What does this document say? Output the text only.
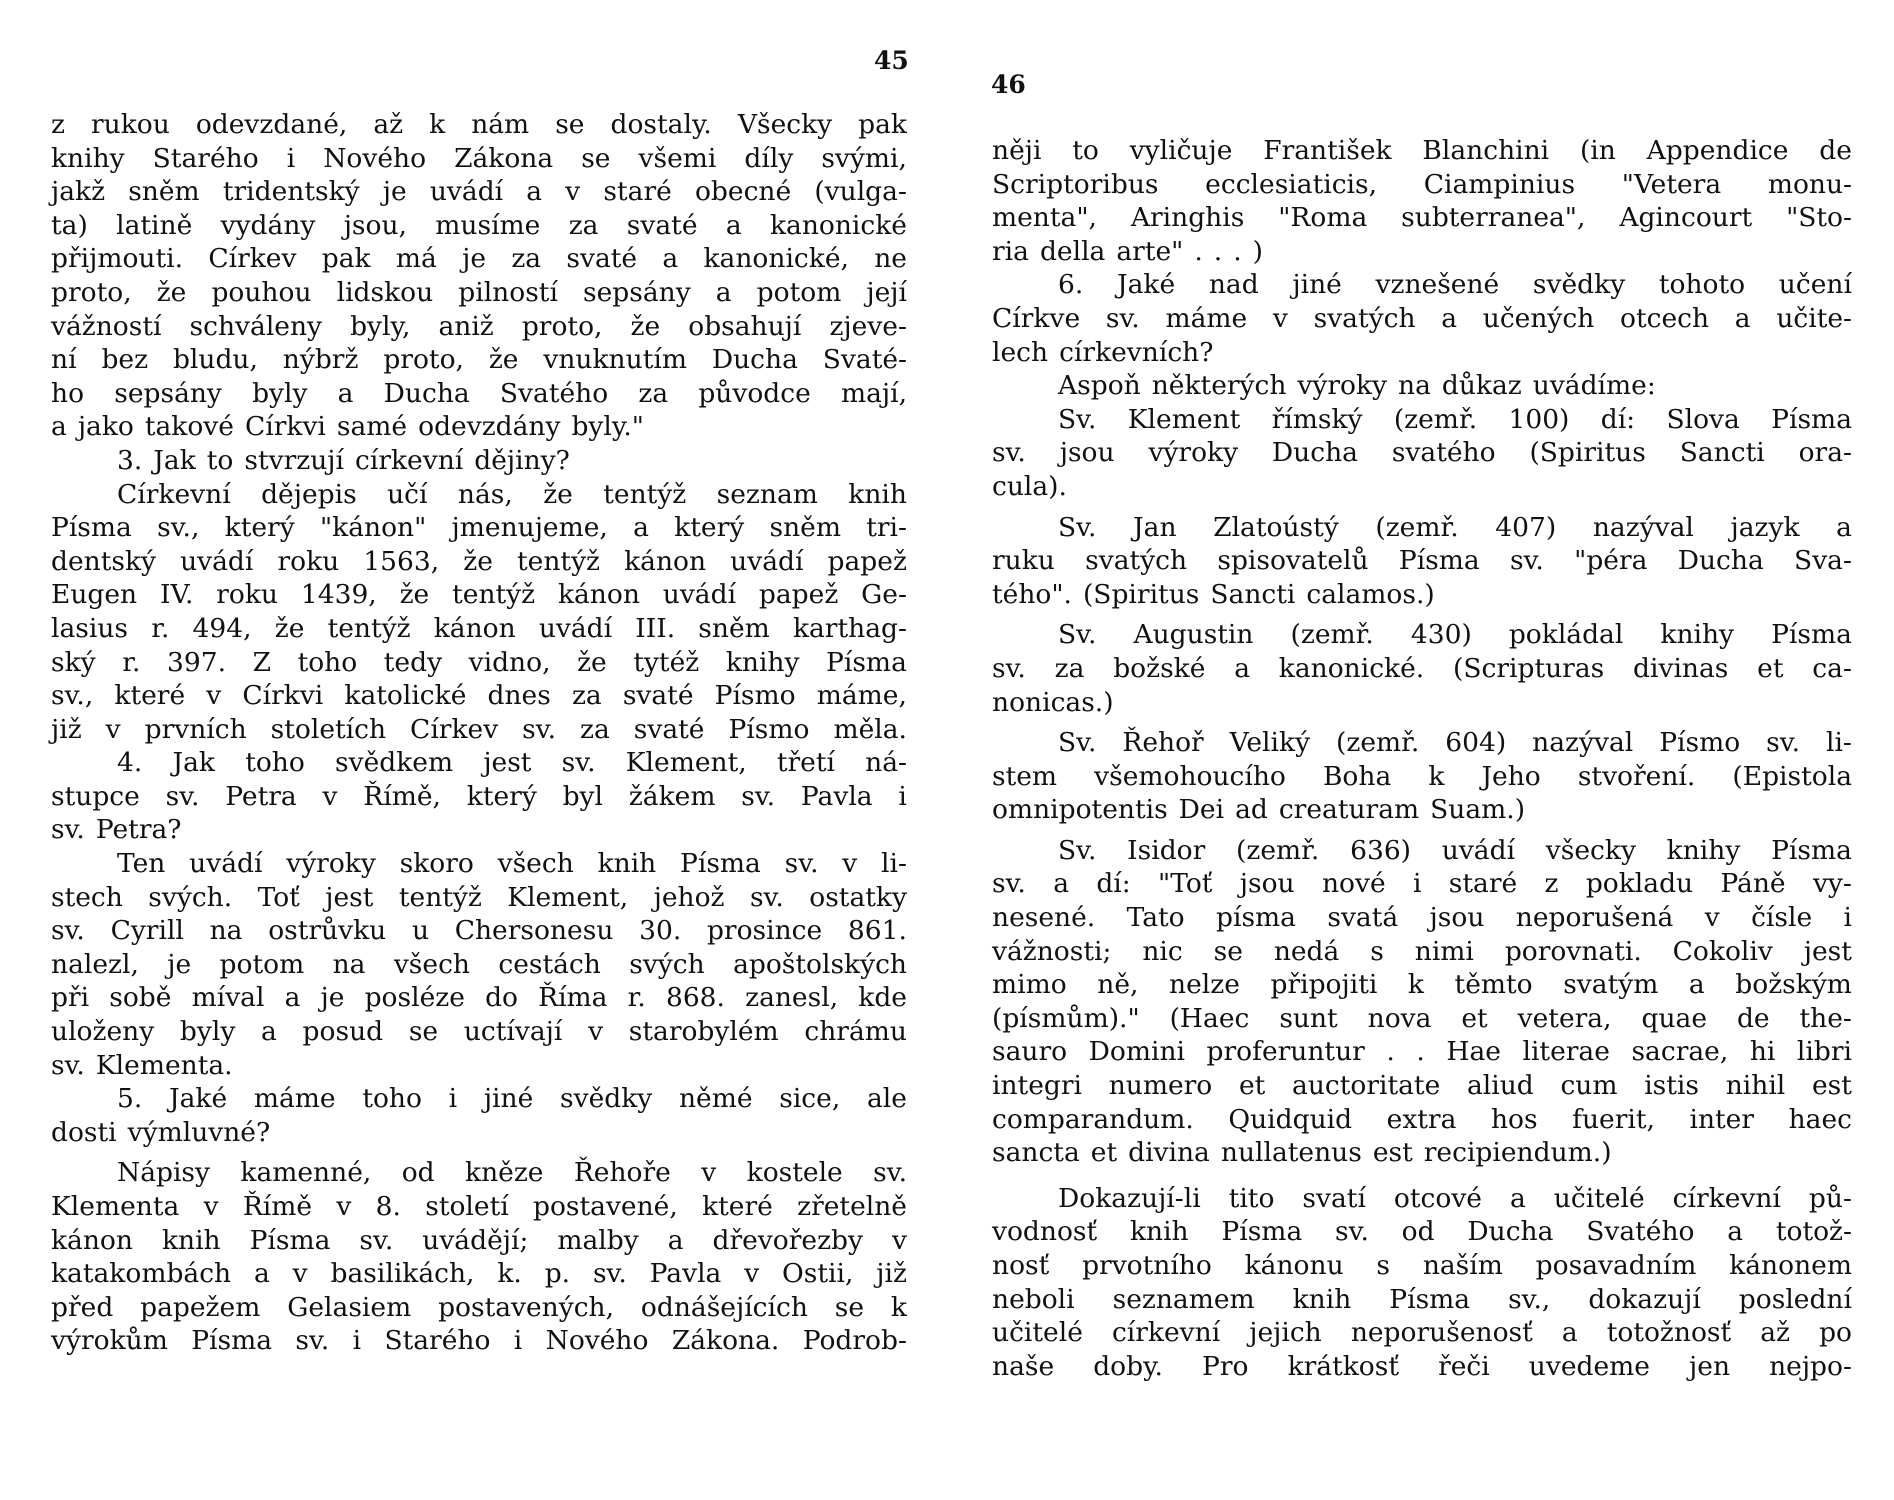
45
z rukou odevzdané, až k nám se dostaly. Všecky pak
knihy Starého i Nového Zákona se všemi díly svými,
jakž sněm tridentský je uvádí a v staré obecné (vulga-
ta) latině vydány jsou, musíme za svaté a kanonické
přijmouti. Církev pak má je za svaté a kanonické, ne
proto, že pouhou lidskou pilností sepsány a potom její
vážností schváleny byly, aniž proto, že obsahují zjeve-
ní bez bludu, nýbrž proto, že vnuknutím Ducha Svaté-
ho sepsány byly a Ducha Svatého za původce mají,
a jako takové Církvi samé odevzdány byly."
3. Jak to stvrzují církevní dějiny?
Církevní dějepis učí nás, že tentýž seznam knih
Písma sv., který "kánon" jmenujeme, a který sněm tri-
dentský uvádí roku 1563, že tentýž kánon uvádí papež
Eugen IV. roku 1439, že tentýž kánon uvádí papež Ge-
lasius r. 494, že tentýž kánon uvádí III. sněm karthag-
ský r. 397. Z toho tedy vidno, že tytéž knihy Písma
sv., které v Církvi katolické dnes za svaté Písmo máme,
již v prvních stoletích Církev sv. za svaté Písmo měla.
4. Jak toho svědkem jest sv. Klement, třetí ná-
stupce sv. Petra v Římě, který byl žákem sv. Pavla i
sv. Petra?
Ten uvádí výroky skoro všech knih Písma sv. v li-
stech svých. Toť jest tentýž Klement, jehož sv. ostatky
sv. Cyrill na ostrůvku u Chersonesu 30. prosince 861.
nalezl, je potom na všech cestách svých apoštolských
při sobě míval a je posléze do Říma r. 868. zanesl, kde
uloženy byly a posud se uctívají v starobylém chrámu
sv. Klementa.
5. Jaké máme toho i jiné svědky němé sice, ale
dosti výmluvné?
Nápisy kamenné, od kněze Řehoře v kostele sv.
Klementa v Římě v 8. století postavené, které zřetelně
kánon knih Písma sv. uvádějí; malby a dřevořezby v
katakombách a v basilikách, k. p. sv. Pavla v Ostii, již
před papežem Gelasiem postavených, odnášejících se k
výrokům Písma sv. i Starého i Nového Zákona. Podrob-
46
něji to vyličuje František Blanchini (in Appendice de
Scriptoribus ecclesiaticis, Ciampinius "Vetera monu-
menta", Aringhis "Roma subterranea", Agincourt "Sto-
ria della arte" . . . )
6. Jaké nad jiné vznešené svědky tohoto učení
Církve sv. máme v svatých a učených otcech a učite-
lech církevních?
Aspoň některých výroky na důkaz uvádíme:
Sv. Klement římský (zemř. 100) dí: Slova Písma
sv. jsou výroky Ducha svatého (Spiritus Sancti ora-
cula).
Sv. Jan Zlatoústý (zemř. 407) nazýval jazyk a
ruku svatých spisovatelů Písma sv. "péra Ducha Sva-
tého". (Spiritus Sancti calamos.)
Sv. Augustin (zemř. 430) pokládal knihy Písma
sv. za božské a kanonické. (Scripturas divinas et ca-
nonicas.)
Sv. Řehoř Veliký (zemř. 604) nazýval Písmo sv. li-
stem všemohoucího Boha k Jeho stvoření. (Epistola
omnipotentis Dei ad creaturam Suam.)
Sv. Isidor (zemř. 636) uvádí všecky knihy Písma
sv. a dí: "Toť jsou nové i staré z pokladu Páně vy-
nesené. Tato písma svatá jsou neporušená v čísle i
vážnosti; nic se nedá s nimi porovnati. Cokoliv jest
mimo ně, nelze připojiti k těmto svatým a božským
(písmům)." (Haec sunt nova et vetera, quae de the-
sauro Domini proferuntur . . Hae literae sacrae, hi libri
integri numero et auctoritate aliud cum istis nihil est
comparandum. Quidquid extra hos fuerit, inter haec
sancta et divina nullatenus est recipiendum.)
Dokazují-li tito svatí otcové a učitelé církevní pů-
vodnosť knih Písma sv. od Ducha Svatého a totož-
nosť prvotního kánonu s naším posavadním kánonem
neboli seznamem knih Písma sv., dokazují poslední
učitelé církevní jejich neporušenosť a totožnosť až po
naše doby. Pro krátkosť řeči uvedeme jen nejpo-
